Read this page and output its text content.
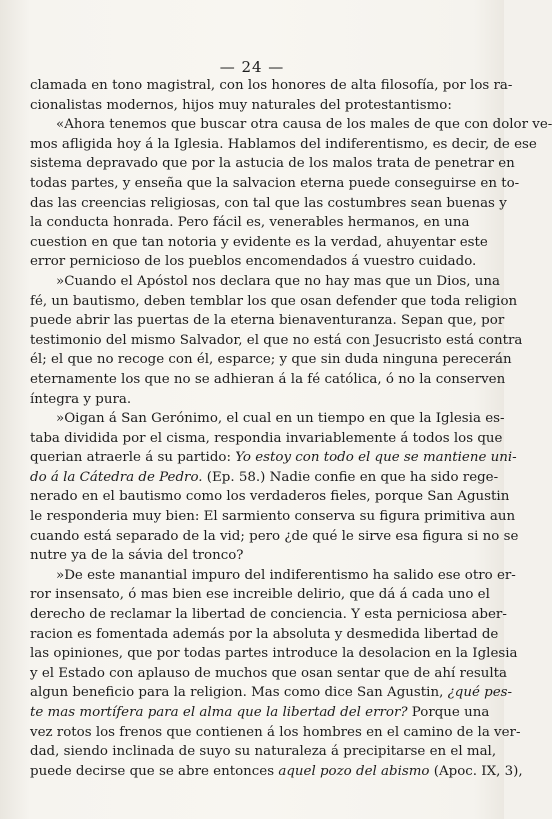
— 24 —
clamada en tono magistral, con los honores de alta filosofía, por los ra-
cionalistas modernos, hijos muy naturales del protestantismo:
«Ahora tenemos que buscar otra causa de los males de que con dolor ve-
mos afligida hoy á la Iglesia. Hablamos del indiferentismo, es decir, de ese
sistema depravado que por la astucia de los malos trata de penetrar en
todas partes, y enseña que la salvacion eterna puede conseguirse en to-
das las creencias religiosas, con tal que las costumbres sean buenas y
la conducta honrada. Pero fácil es, venerables hermanos, en una
cuestion en que tan notoria y evidente es la verdad, ahuyentar este
error pernicioso de los pueblos encomendados á vuestro cuidado.
»Cuando el Apóstol nos declara que no hay mas que un Dios, una
fé, un bautismo, deben temblar los que osan defender que toda religion
puede abrir las puertas de la eterna bienaventuranza. Sepan que, por
testimonio del mismo Salvador, el que no está con Jesucristo está contra
él; el que no recoge con él, esparce; y que sin duda ninguna perecerán
eternamente los que no se adhieran á la fé católica, ó no la conserven
íntegra y pura.
»Oigan á San Gerónimo, el cual en un tiempo en que la Iglesia es-
taba dividida por el cisma, respondia invariablemente á todos los que
querian atraerle á su partido: Yo estoy con todo el que se mantiene uni-
do á la Cátedra de Pedro. (Ep. 58.) Nadie confie en que ha sido rege-
nerado en el bautismo como los verdaderos fieles, porque San Agustin
le responderia muy bien: El sarmiento conserva su figura primitiva aun
cuando está separado de la vid; pero ¿de qué le sirve esa figura si no se
nutre ya de la sávia del tronco?
»De este manantial impuro del indiferentismo ha salido ese otro er-
ror insensato, ó mas bien ese increible delirio, que dá á cada uno el
derecho de reclamar la libertad de conciencia. Y esta perniciosa aber-
racion es fomentada además por la absoluta y desmedida libertad de
las opiniones, que por todas partes introduce la desolacion en la Iglesia
y el Estado con aplauso de muchos que osan sentar que de ahí resulta
algun beneficio para la religion. Mas como dice San Agustin, ¿qué pes-
te mas mortífera para el alma que la libertad del error? Porque una
vez rotos los frenos que contienen á los hombres en el camino de la ver-
dad, siendo inclinada de suyo su naturaleza á precipitarse en el mal,
puede decirse que se abre entonces aquel pozo del abismo (Apoc. IX, 3),
